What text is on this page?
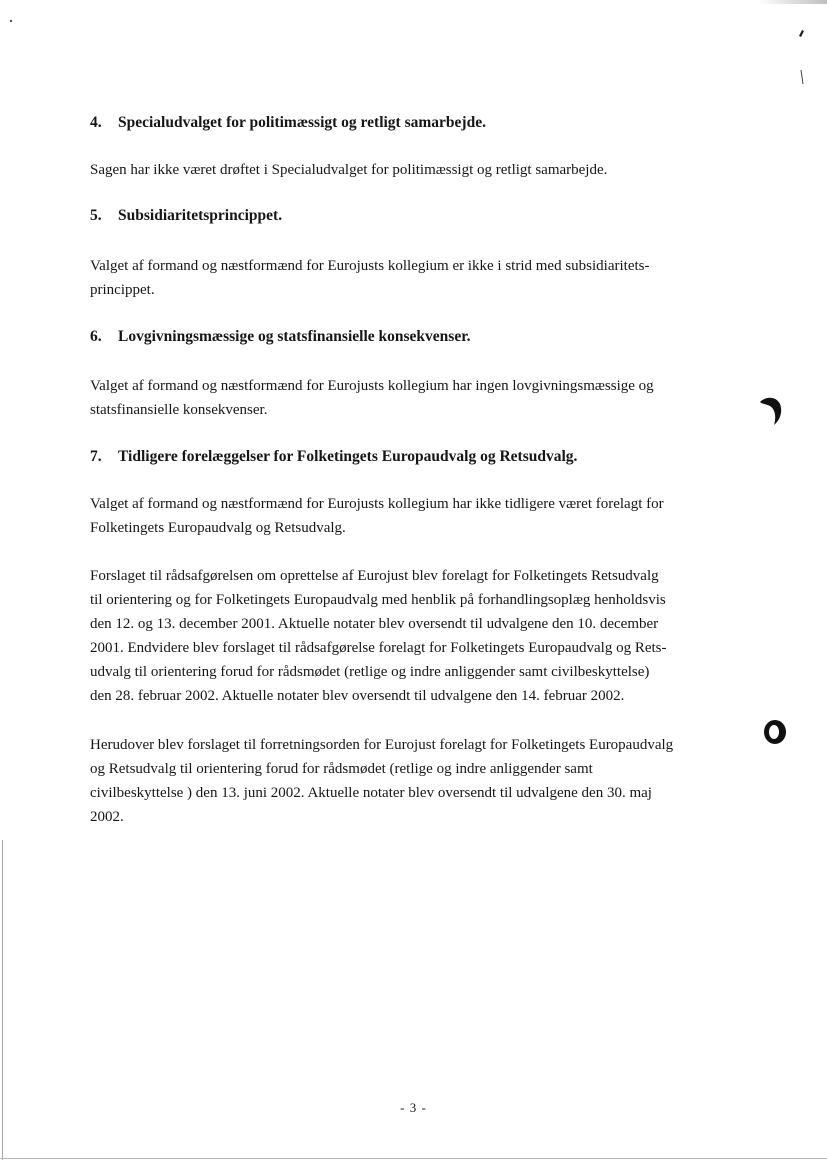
4. Specialudvalget for politimæssigt og retligt samarbejde.
Sagen har ikke været drøftet i Specialudvalget for politimæssigt og retligt samarbejde.
5. Subsidiaritetsprincippet.
Valget af formand og næstformænd for Eurojusts kollegium er ikke i strid med subsidiaritets-
princippet.
6. Lovgivningsmæssige og statsfinansielle konsekvenser.
Valget af formand og næstformænd for Eurojusts kollegium har ingen lovgivningsmæssige og
statsfinansielle konsekvenser.
7. Tidligere forelæggelser for Folketingets Europaudvalg og Retsudvalg.
Valget af formand og næstformænd for Eurojusts kollegium har ikke tidligere været forelagt for
Folketingets Europaudvalg og Retsudvalg.
Forslaget til rådsafgørelsen om oprettelse af Eurojust blev forelagt for Folketingets Retsudvalg
til orientering og for Folketingets Europaudvalg med henblik på forhandlingsoplæg henholdsvis
den 12. og 13. december 2001. Aktuelle notater blev oversendt til udvalgene den 10. december
2001. Endvidere blev forslaget til rådsafgørelse forelagt for Folketingets Europaudvalg og Rets-
udvalg til orientering forud for rådsmødet (retlige og indre anliggender samt civilbeskyttelse)
den 28. februar 2002. Aktuelle notater blev oversendt til udvalgene den 14. februar 2002.
Herudover blev forslaget til forretningsorden for Eurojust forelagt for Folketingets Europaudvalg
og Retsudvalg til orientering forud for rådsmødet (retlige og indre anliggender samt
civilbeskyttelse ) den 13. juni 2002. Aktuelle notater blev oversendt til udvalgene den 30. maj
2002.
- 3 -
